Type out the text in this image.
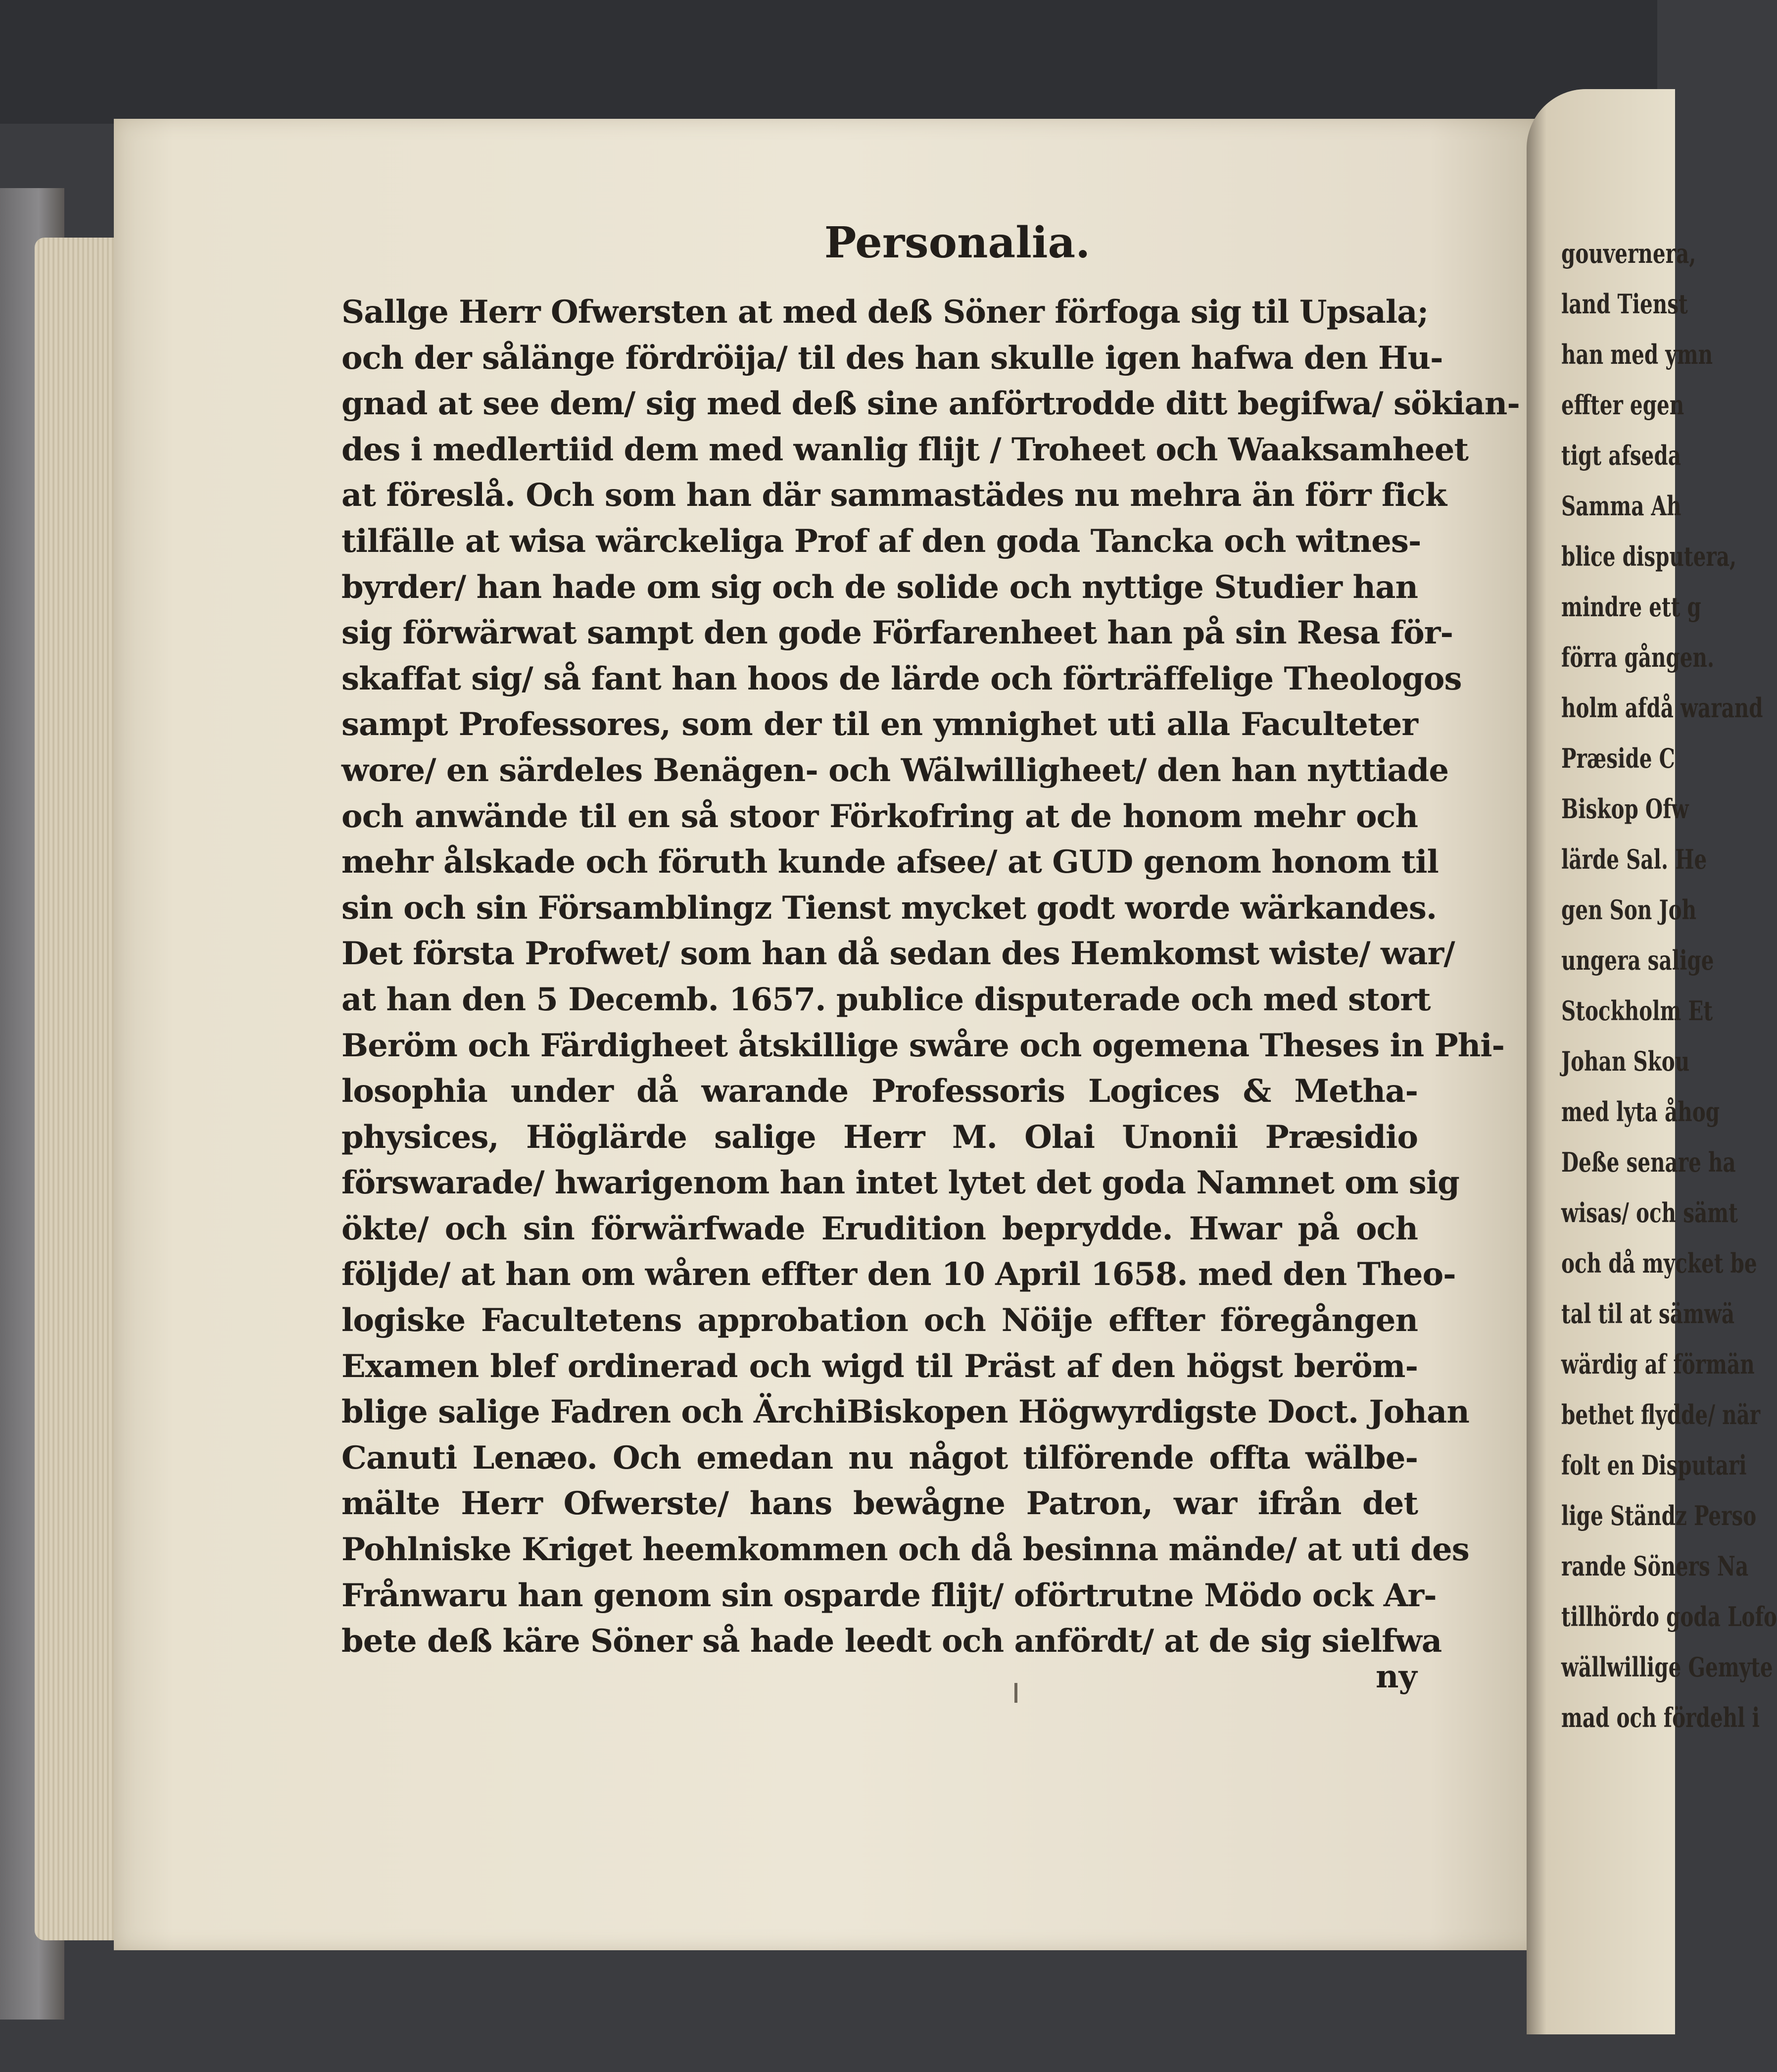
gouvernera,
land Tienst
han med ymn
effter egen
tigt afseda
Samma Ah
blice disputera,
mindre ett g
förra gången.
holm afdå warand
Præside C
Biskop Ofw
lärde Sal. He
gen Son Joh
ungera salige
Stockholm Et
Johan Skou
med lyta åhog
Deße senare ha
wisas/ och sämt
och då mycket be
tal til at sämwä
wärdig af förmän
bethet flydde/ när
folt en Disputari
lige Ständz Perso
rande Söners Na
tillhördo goda Lofo
wällwillige Gemyte
mad och fördehl i
Personalia.
Sallge Herr Ofwersten at med deß Söner förfoga sig til Upsala;
och der sålänge fördröija/ til des han skulle igen hafwa den Hu-
gnad at see dem/ sig med deß sine anförtrodde ditt begifwa/ sökian-
des i medlertiid dem med wanlig flijt / Troheet och Waaksamheet
at föreslå. Och som han där sammastädes nu mehra än förr fick
tilfälle at wisa wärckeliga Prof af den goda Tancka och witnes-
byrder/ han hade om sig och de solide och nyttige Studier han
sig förwärwat sampt den gode Förfarenheet han på sin Resa för-
skaffat sig/ så fant han hoos de lärde och förträffelige Theologos
sampt Professores, som der til en ymnighet uti alla Faculteter
wore/ en särdeles Benägen- och Wälwilligheet/ den han nyttiade
och anwände til en så stoor Förkofring at de honom mehr och
mehr ålskade och föruth kunde afsee/ at GUD genom honom til
sin och sin Församblingz Tienst mycket godt worde wärkandes.
Det första Profwet/ som han då sedan des Hemkomst wiste/ war/
at han den 5 Decemb. 1657. publice disputerade och med stort
Beröm och Färdigheet åtskillige swåre och ogemena Theses in Phi-
losophia under då warande Professoris Logices & Metha-
physices, Höglärde salige Herr M. Olai Unonii Præsidio
förswarade/ hwarigenom han intet lytet det goda Namnet om sig
ökte/ och sin förwärfwade Erudition beprydde. Hwar på och
följde/ at han om wåren effter den 10 April 1658. med den Theo-
logiske Facultetens approbation och Nöije effter föregången
Examen blef ordinerad och wigd til Präst af den högst beröm-
blige salige Fadren och ÄrchiBiskopen Högwyrdigste Doct. Johan
Canuti Lenæo. Och emedan nu något tilförende offta wälbe-
mälte Herr Ofwerste/ hans bewågne Patron, war ifrån det
Pohlniske Kriget heemkommen och då besinna mände/ at uti des
Frånwaru han genom sin osparde flijt/ oförtrutne Mödo ock Ar-
bete deß käre Söner så hade leedt och anfördt/ at de sig sielfwa
ny
